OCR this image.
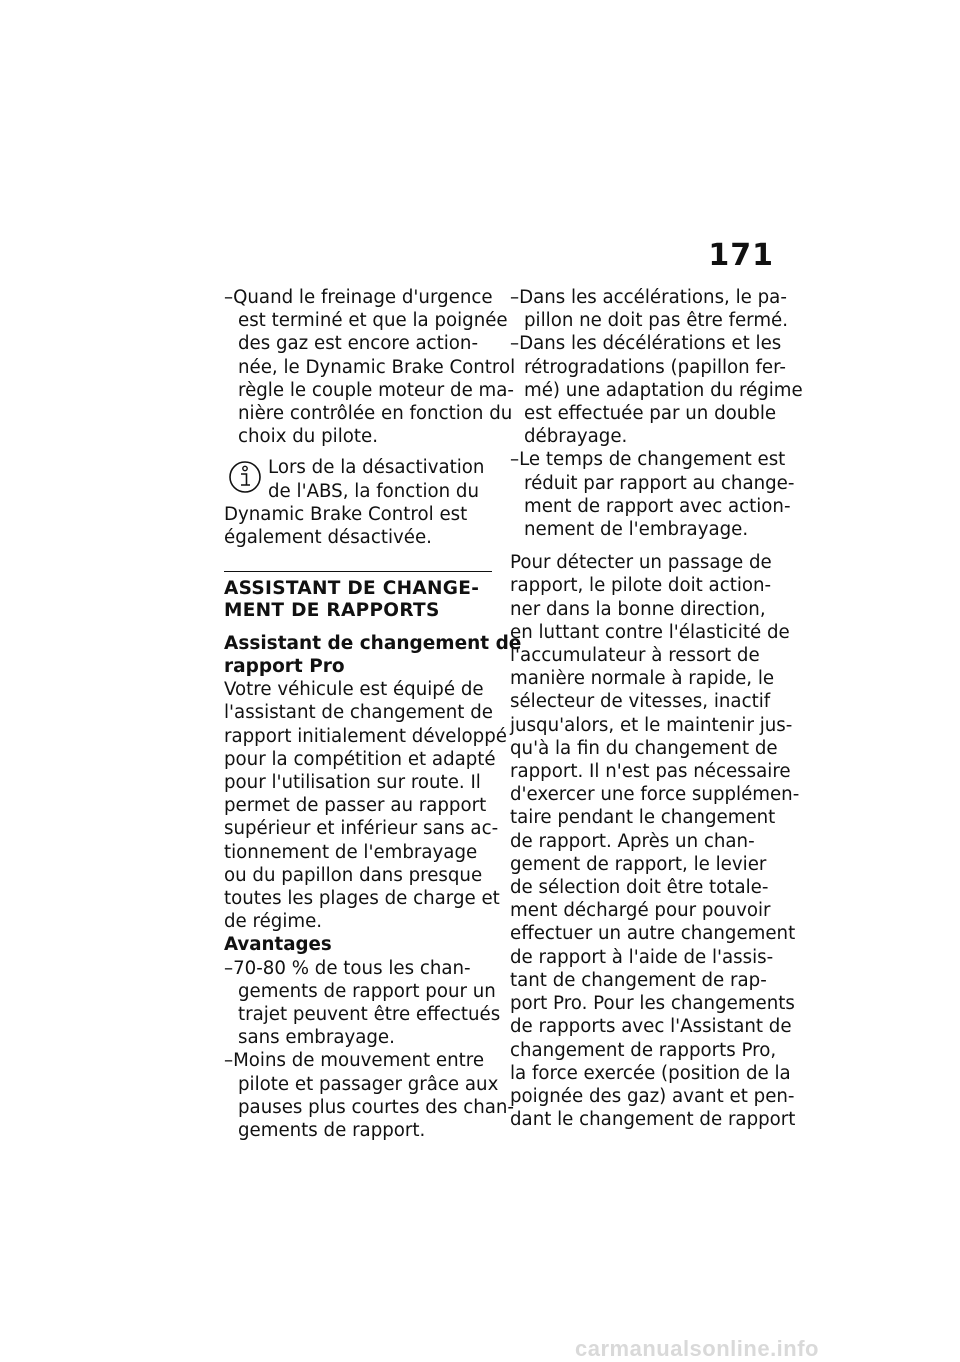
171
–Quand le freinage d'urgence
est terminé et que la poignée
des gaz est encore action-
née, le Dynamic Brake Control
règle le couple moteur de ma-
nière contrôlée en fonction du
choix du pilote.
Lors de la désactivation
de l'ABS, la fonction du
Dynamic Brake Control est
également désactivée.
ASSISTANT DE CHANGE-
MENT DE RAPPORTS
Assistant de changement de
rapport Pro
Votre véhicule est équipé de
l'assistant de changement de
rapport initialement développé
pour la compétition et adapté
pour l'utilisation sur route. Il
permet de passer au rapport
supérieur et inférieur sans ac-
tionnement de l'embrayage
ou du papillon dans presque
toutes les plages de charge et
de régime.
Avantages
–70-80 % de tous les chan-
gements de rapport pour un
trajet peuvent être effectués
sans embrayage.
–Moins de mouvement entre
pilote et passager grâce aux
pauses plus courtes des chan-
gements de rapport.
–Dans les accélérations, le pa-
pillon ne doit pas être fermé.
–Dans les décélérations et les
rétrogradations (papillon fer-
mé) une adaptation du régime
est effectuée par un double
débrayage.
–Le temps de changement est
réduit par rapport au change-
ment de rapport avec action-
nement de l'embrayage.
Pour détecter un passage de
rapport, le pilote doit action-
ner dans la bonne direction,
en luttant contre l'élasticité de
l'accumulateur à ressort de
manière normale à rapide, le
sélecteur de vitesses, inactif
jusqu'alors, et le maintenir jus-
qu'à la fin du changement de
rapport. Il n'est pas nécessaire
d'exercer une force supplémen-
taire pendant le changement
de rapport. Après un chan-
gement de rapport, le levier
de sélection doit être totale-
ment déchargé pour pouvoir
effectuer un autre changement
de rapport à l'aide de l'assis-
tant de changement de rap-
port Pro. Pour les changements
de rapports avec l'Assistant de
changement de rapports Pro,
la force exercée (position de la
poignée des gaz) avant et pen-
dant le changement de rapport
carmanualsonline.info
